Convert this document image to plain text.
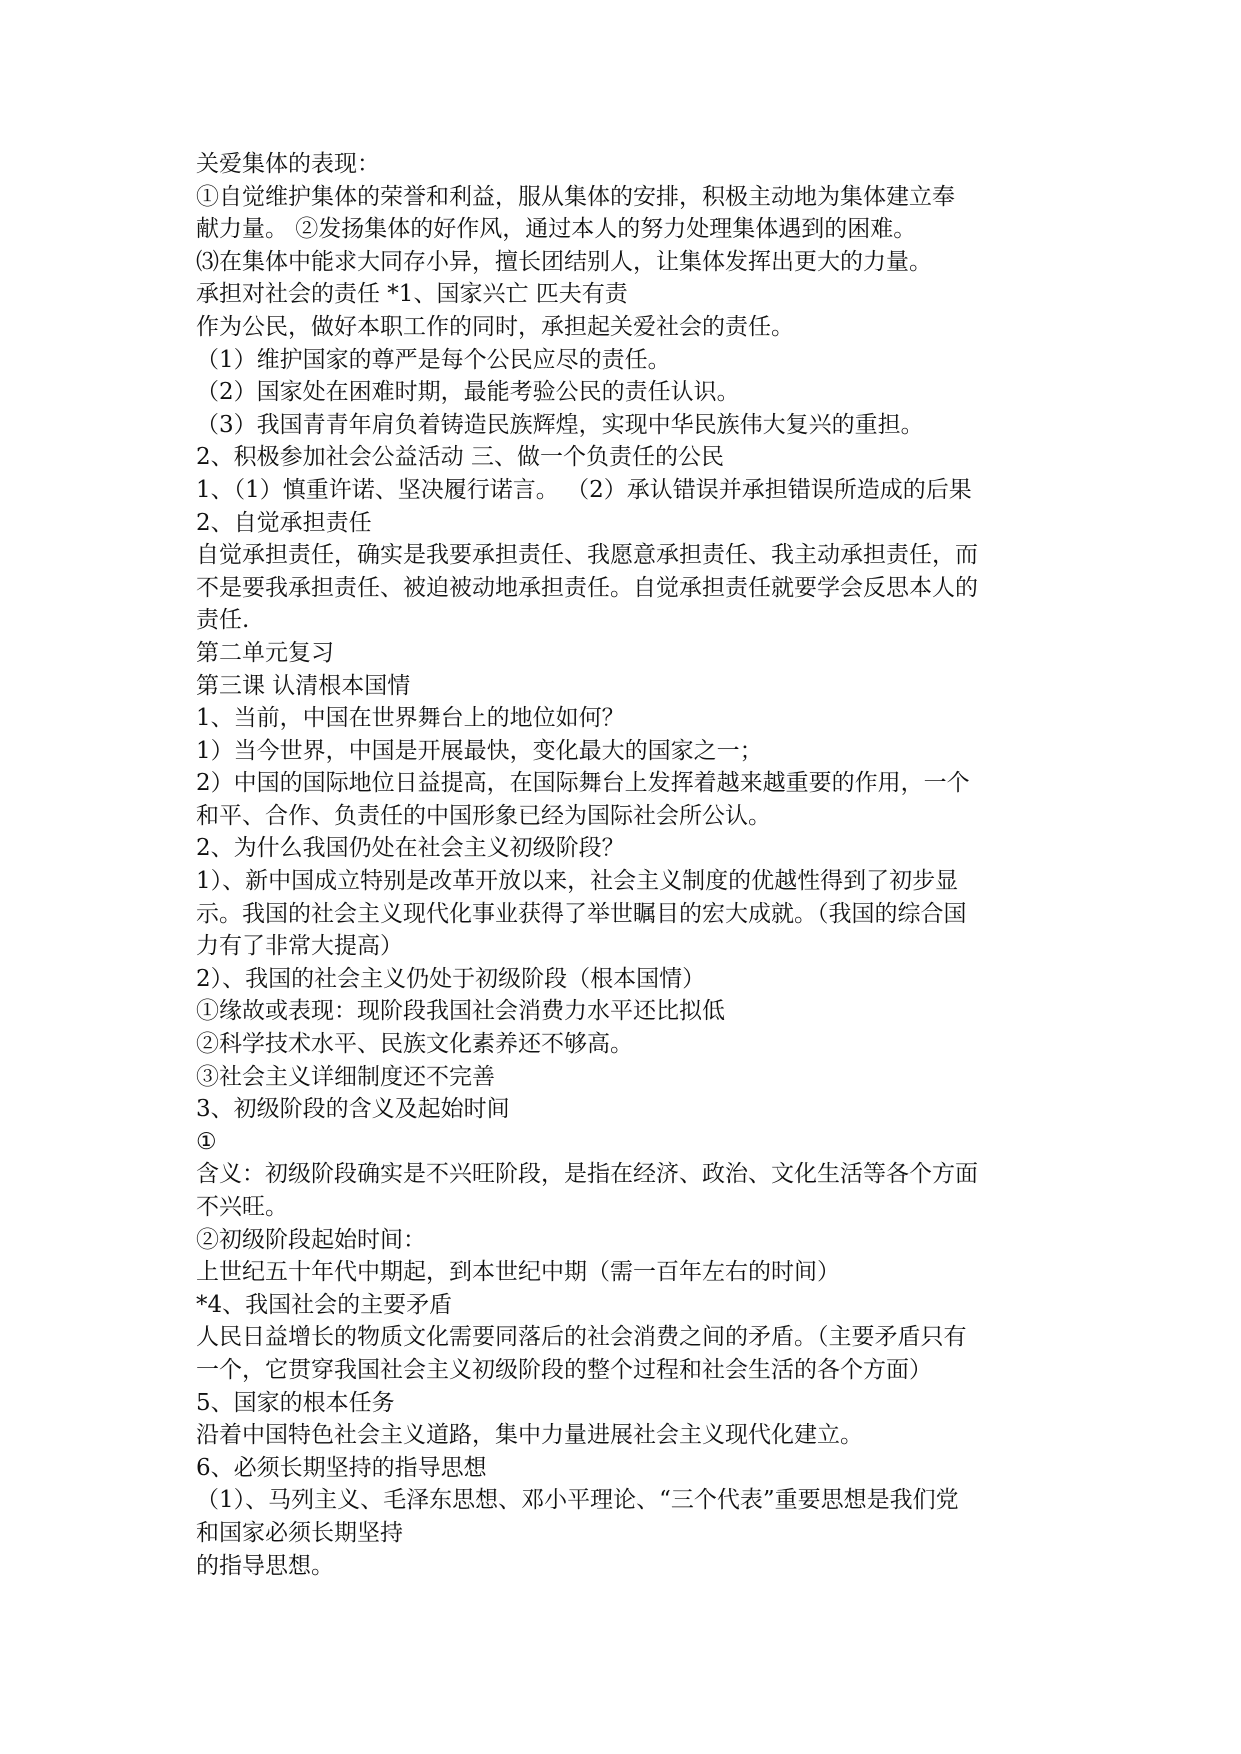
关爱集体的表现：
①自觉维护集体的荣誉和利益，服从集体的安排，积极主动地为集体建立奉
献力量。 ②发扬集体的好作风，通过本人的努力处理集体遇到的困难。
⑶在集体中能求大同存小异，擅长团结别人，让集体发挥出更大的力量。
承担对社会的责任 *1、国家兴亡 匹夫有责
作为公民，做好本职工作的同时，承担起关爱社会的责任。
（1）维护国家的尊严是每个公民应尽的责任。
（2）国家处在困难时期，最能考验公民的责任认识。
（3）我国青青年肩负着铸造民族辉煌，实现中华民族伟大复兴的重担。
2、积极参加社会公益活动 三、做一个负责任的公民
1、（1）慎重许诺、坚决履行诺言。 （2）承认错误并承担错误所造成的后果
2、自觉承担责任
自觉承担责任，确实是我要承担责任、我愿意承担责任、我主动承担责任，而
不是要我承担责任、被迫被动地承担责任。自觉承担责任就要学会反思本人的
责任.
第二单元复习
第三课 认清根本国情
1、当前，中国在世界舞台上的地位如何？
1）当今世界，中国是开展最快，变化最大的国家之一；
2）中国的国际地位日益提高，在国际舞台上发挥着越来越重要的作用，一个
和平、合作、负责任的中国形象已经为国际社会所公认。
2、为什么我国仍处在社会主义初级阶段？
1）、新中国成立特别是改革开放以来，社会主义制度的优越性得到了初步显
示。我国的社会主义现代化事业获得了举世瞩目的宏大成就。（我国的综合国
力有了非常大提高）
2）、我国的社会主义仍处于初级阶段（根本国情）
①缘故或表现：现阶段我国社会消费力水平还比拟低
②科学技术水平、民族文化素养还不够高。
③社会主义详细制度还不完善
3、初级阶段的含义及起始时间
①
含义：初级阶段确实是不兴旺阶段，是指在经济、政治、文化生活等各个方面
不兴旺。
②初级阶段起始时间：
上世纪五十年代中期起，到本世纪中期（需一百年左右的时间）
*4、我国社会的主要矛盾
人民日益增长的物质文化需要同落后的社会消费之间的矛盾。（主要矛盾只有
一个，它贯穿我国社会主义初级阶段的整个过程和社会生活的各个方面）
5、国家的根本任务
沿着中国特色社会主义道路，集中力量进展社会主义现代化建立。
6、必须长期坚持的指导思想
（1）、马列主义、毛泽东思想、邓小平理论、“三个代表”重要思想是我们党
和国家必须长期坚持
的指导思想。
